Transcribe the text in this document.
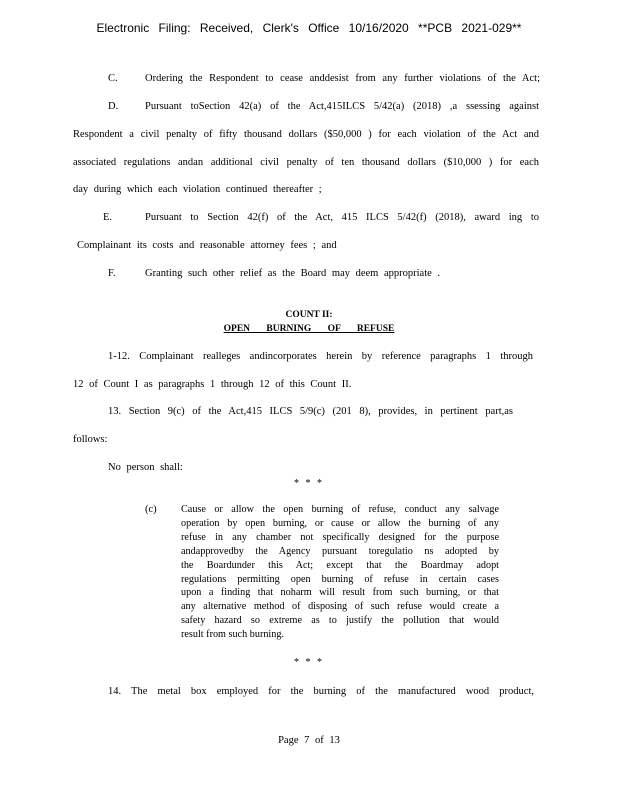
Electronic Filing: Received, Clerk's Office 10/16/2020 **PCB 2021-029**
C.	Ordering the Respondent to cease anddesist from any further violations of the Act;
D.	Pursuant toSection 42(a) of the Act,415ILCS 5/42(a) (2018) ,a ssessing against
Respondent a civil penalty of fifty thousand dollars ($50,000 ) for each violation of the Act and
associated regulations andan additional civil penalty of ten thousand dollars ($10,000 ) for each
day during which each violation continued thereafter ;
E.	Pursuant to Section 42(f) of the Act, 415 ILCS 5/42(f) (2018), award ing to
Complainant its costs and reasonable attorney fees ; and
F.	Granting such other relief as the Board may deem appropriate .
COUNT II:
OPEN BURNING OF REFUSE
1-12. Complainant realleges andincorporates herein by reference paragraphs 1 through
12 of Count I as paragraphs 1 through 12 of this Count II.
13. Section 9(c) of the Act,415 ILCS 5/9(c) (201 8), provides, in pertinent part,as
follows:
No person shall:
* * *
(c) Cause or allow the open burning of refuse, conduct any salvage
operation by open burning, or cause or allow the burning of any
refuse in any chamber not specifically designed for the purpose
andapprovedby the Agency pursuant toregulatio ns adopted by
the Boardunder this Act; except that the Boardmay adopt
regulations permitting open burning of refuse in certain cases
upon a finding that noharm will result from such burning, or that
any alternative method of disposing of such refuse would create a
safety hazard so extreme as to justify the pollution that would
result from such burning.
* * *
14. The metal box employed for the burning of the manufactured wood product,
Page 7 of 13
